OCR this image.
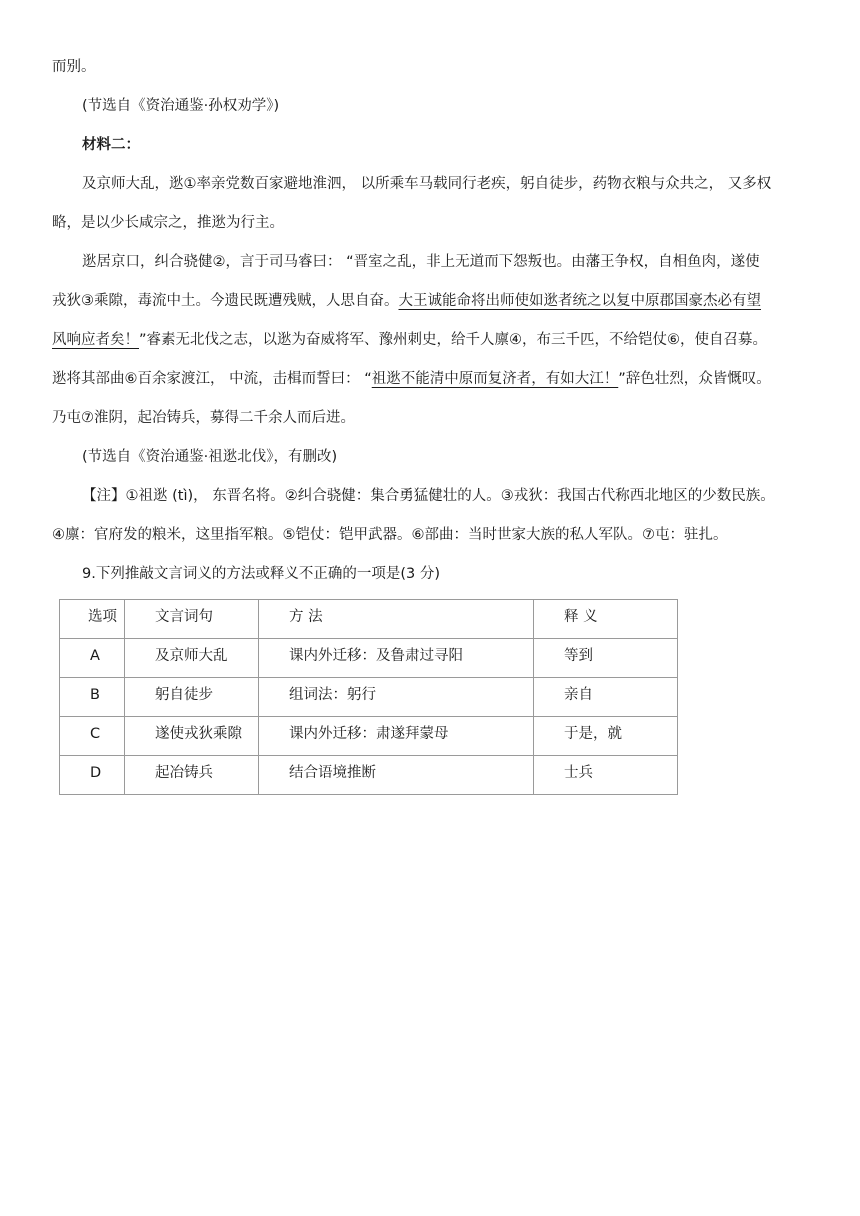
而别。
(节选自《资治通鉴·孙权劝学》)
材料二：
及京师大乱，逖①率亲党数百家避地淮泗， 以所乘车马载同行老疾，躬自徒步，药物衣粮与众共之， 又多权
略，是以少长咸宗之，推逖为行主。
逖居京口，纠合骁健②，言于司马睿曰： “晋室之乱，非上无道而下怨叛也。由藩王争权，自相鱼肉，遂使
戎狄③乘隙，毒流中土。今遗民既遭残贼，人思自奋。大王诚能命将出师使如逖者统之以复中原郡国豪杰必有望
风响应者矣！”睿素无北伐之志，以逖为奋威将军、豫州刺史，给千人廪④，布三千匹，不给铠仗⑥，使自召募。
逖将其部曲⑥百余家渡江， 中流，击楫而誓曰： “祖逖不能清中原而复济者，有如大江！”辞色壮烈，众皆慨叹。
乃屯⑦淮阴，起冶铸兵，募得二千余人而后进。
(节选自《资治通鉴·祖逖北伐》，有删改)
【注】①祖逖 (tì)， 东晋名将。②纠合骁健：集合勇猛健壮的人。③戎狄：我国古代称西北地区的少数民族。
④廪：官府发的粮米，这里指军粮。⑤铠仗：铠甲武器。⑥部曲：当时世家大族的私人军队。⑦屯：驻扎。
9.下列推敲文言词义的方法或释义不正确的一项是(3 分)
选项	文言词句	方 法	释 义

A	及京师大乱	课内外迁移：及鲁肃过寻阳	等到

B	躬自徒步	组词法：躬行	亲自

C	遂使戎狄乘隙	课内外迁移：肃遂拜蒙母	于是，就

D	起冶铸兵	结合语境推断	士兵
